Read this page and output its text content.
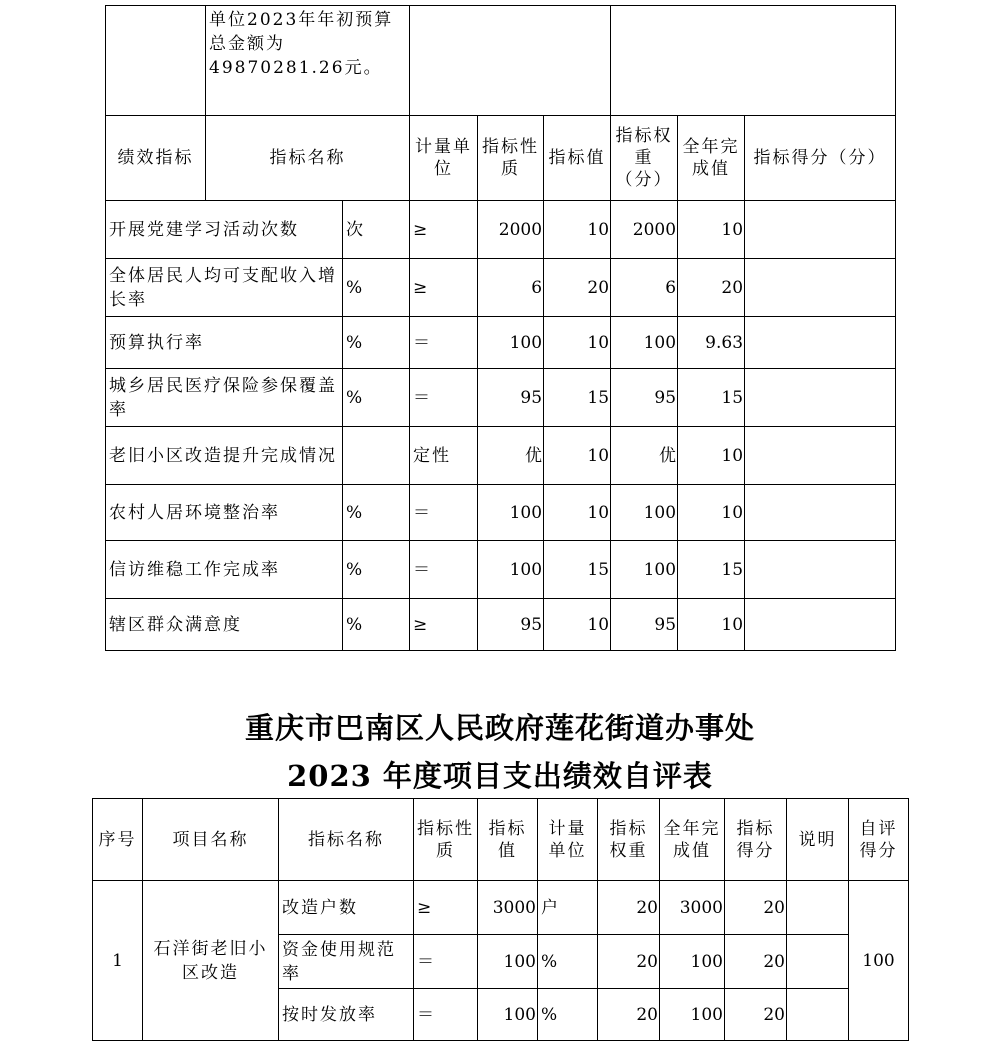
	单位2023年年初预算总金额为49870281.26元。								
绩效指标	指标名称		计量单位	指标性质	指标值	指标权重（分）	全年完成值	指标得分（分）	
开展党建学习活动次数		次	≥	2000	10	2000	10		
全体居民人均可支配收入增长率		%	≥	6	20	6	20		
预算执行率		%	＝	100	10	100	9.63		
城乡居民医疗保险参保覆盖率		%	＝	95	15	95	15		
老旧小区改造提升完成情况			定性	优	10	优	10		
农村人居环境整治率		%	＝	100	10	100	10		
信访维稳工作完成率		%	＝	100	15	100	15		
辖区群众满意度		%	≥	95	10	95	10		
重庆市巴南区人民政府莲花街道办事处
2023 年度项目支出绩效自评表
序号	项目名称	指标名称	指标性质	指标值	计量单位	指标权重	全年完成值	指标得分	说明	自评得分
1	石洋街老旧小区改造	改造户数	≥	3000	户	20	3000	20		100
		资金使用规范率	＝	100	%	20	100	20		
		按时发放率	＝	100	%	20	100	20		
